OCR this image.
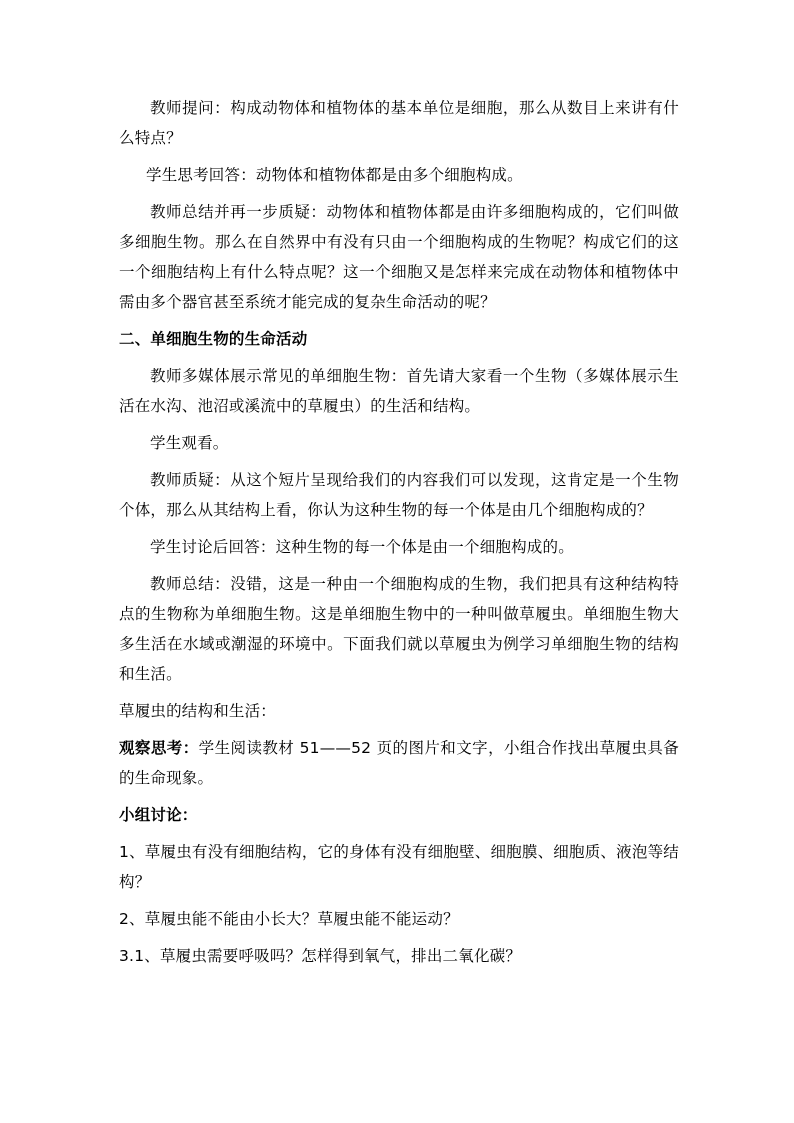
教师提问：构成动物体和植物体的基本单位是细胞，那么从数目上来讲有什么特点？

学生思考回答：动物体和植物体都是由多个细胞构成。

教师总结并再一步质疑：动物体和植物体都是由许多细胞构成的，它们叫做多细胞生物。那么在自然界中有没有只由一个细胞构成的生物呢？构成它们的这一个细胞结构上有什么特点呢？这一个细胞又是怎样来完成在动物体和植物体中需由多个器官甚至系统才能完成的复杂生命活动的呢？

二、单细胞生物的生命活动

教师多媒体展示常见的单细胞生物：首先请大家看一个生物（多媒体展示生活在水沟、池沼或溪流中的草履虫）的生活和结构。

学生观看。

教师质疑：从这个短片呈现给我们的内容我们可以发现，这肯定是一个生物个体，那么从其结构上看，你认为这种生物的每一个体是由几个细胞构成的？

学生讨论后回答：这种生物的每一个体是由一个细胞构成的。

教师总结：没错，这是一种由一个细胞构成的生物，我们把具有这种结构特点的生物称为单细胞生物。这是单细胞生物中的一种叫做草履虫。单细胞生物大多生活在水域或潮湿的环境中。下面我们就以草履虫为例学习单细胞生物的结构和生活。

草履虫的结构和生活：

观察思考：学生阅读教材 51——52 页的图片和文字，小组合作找出草履虫具备的生命现象。

小组讨论：

1、草履虫有没有细胞结构，它的身体有没有细胞壁、细胞膜、细胞质、液泡等结构？

2、草履虫能不能由小长大？草履虫能不能运动？

3.1、草履虫需要呼吸吗？怎样得到氧气，排出二氧化碳？
